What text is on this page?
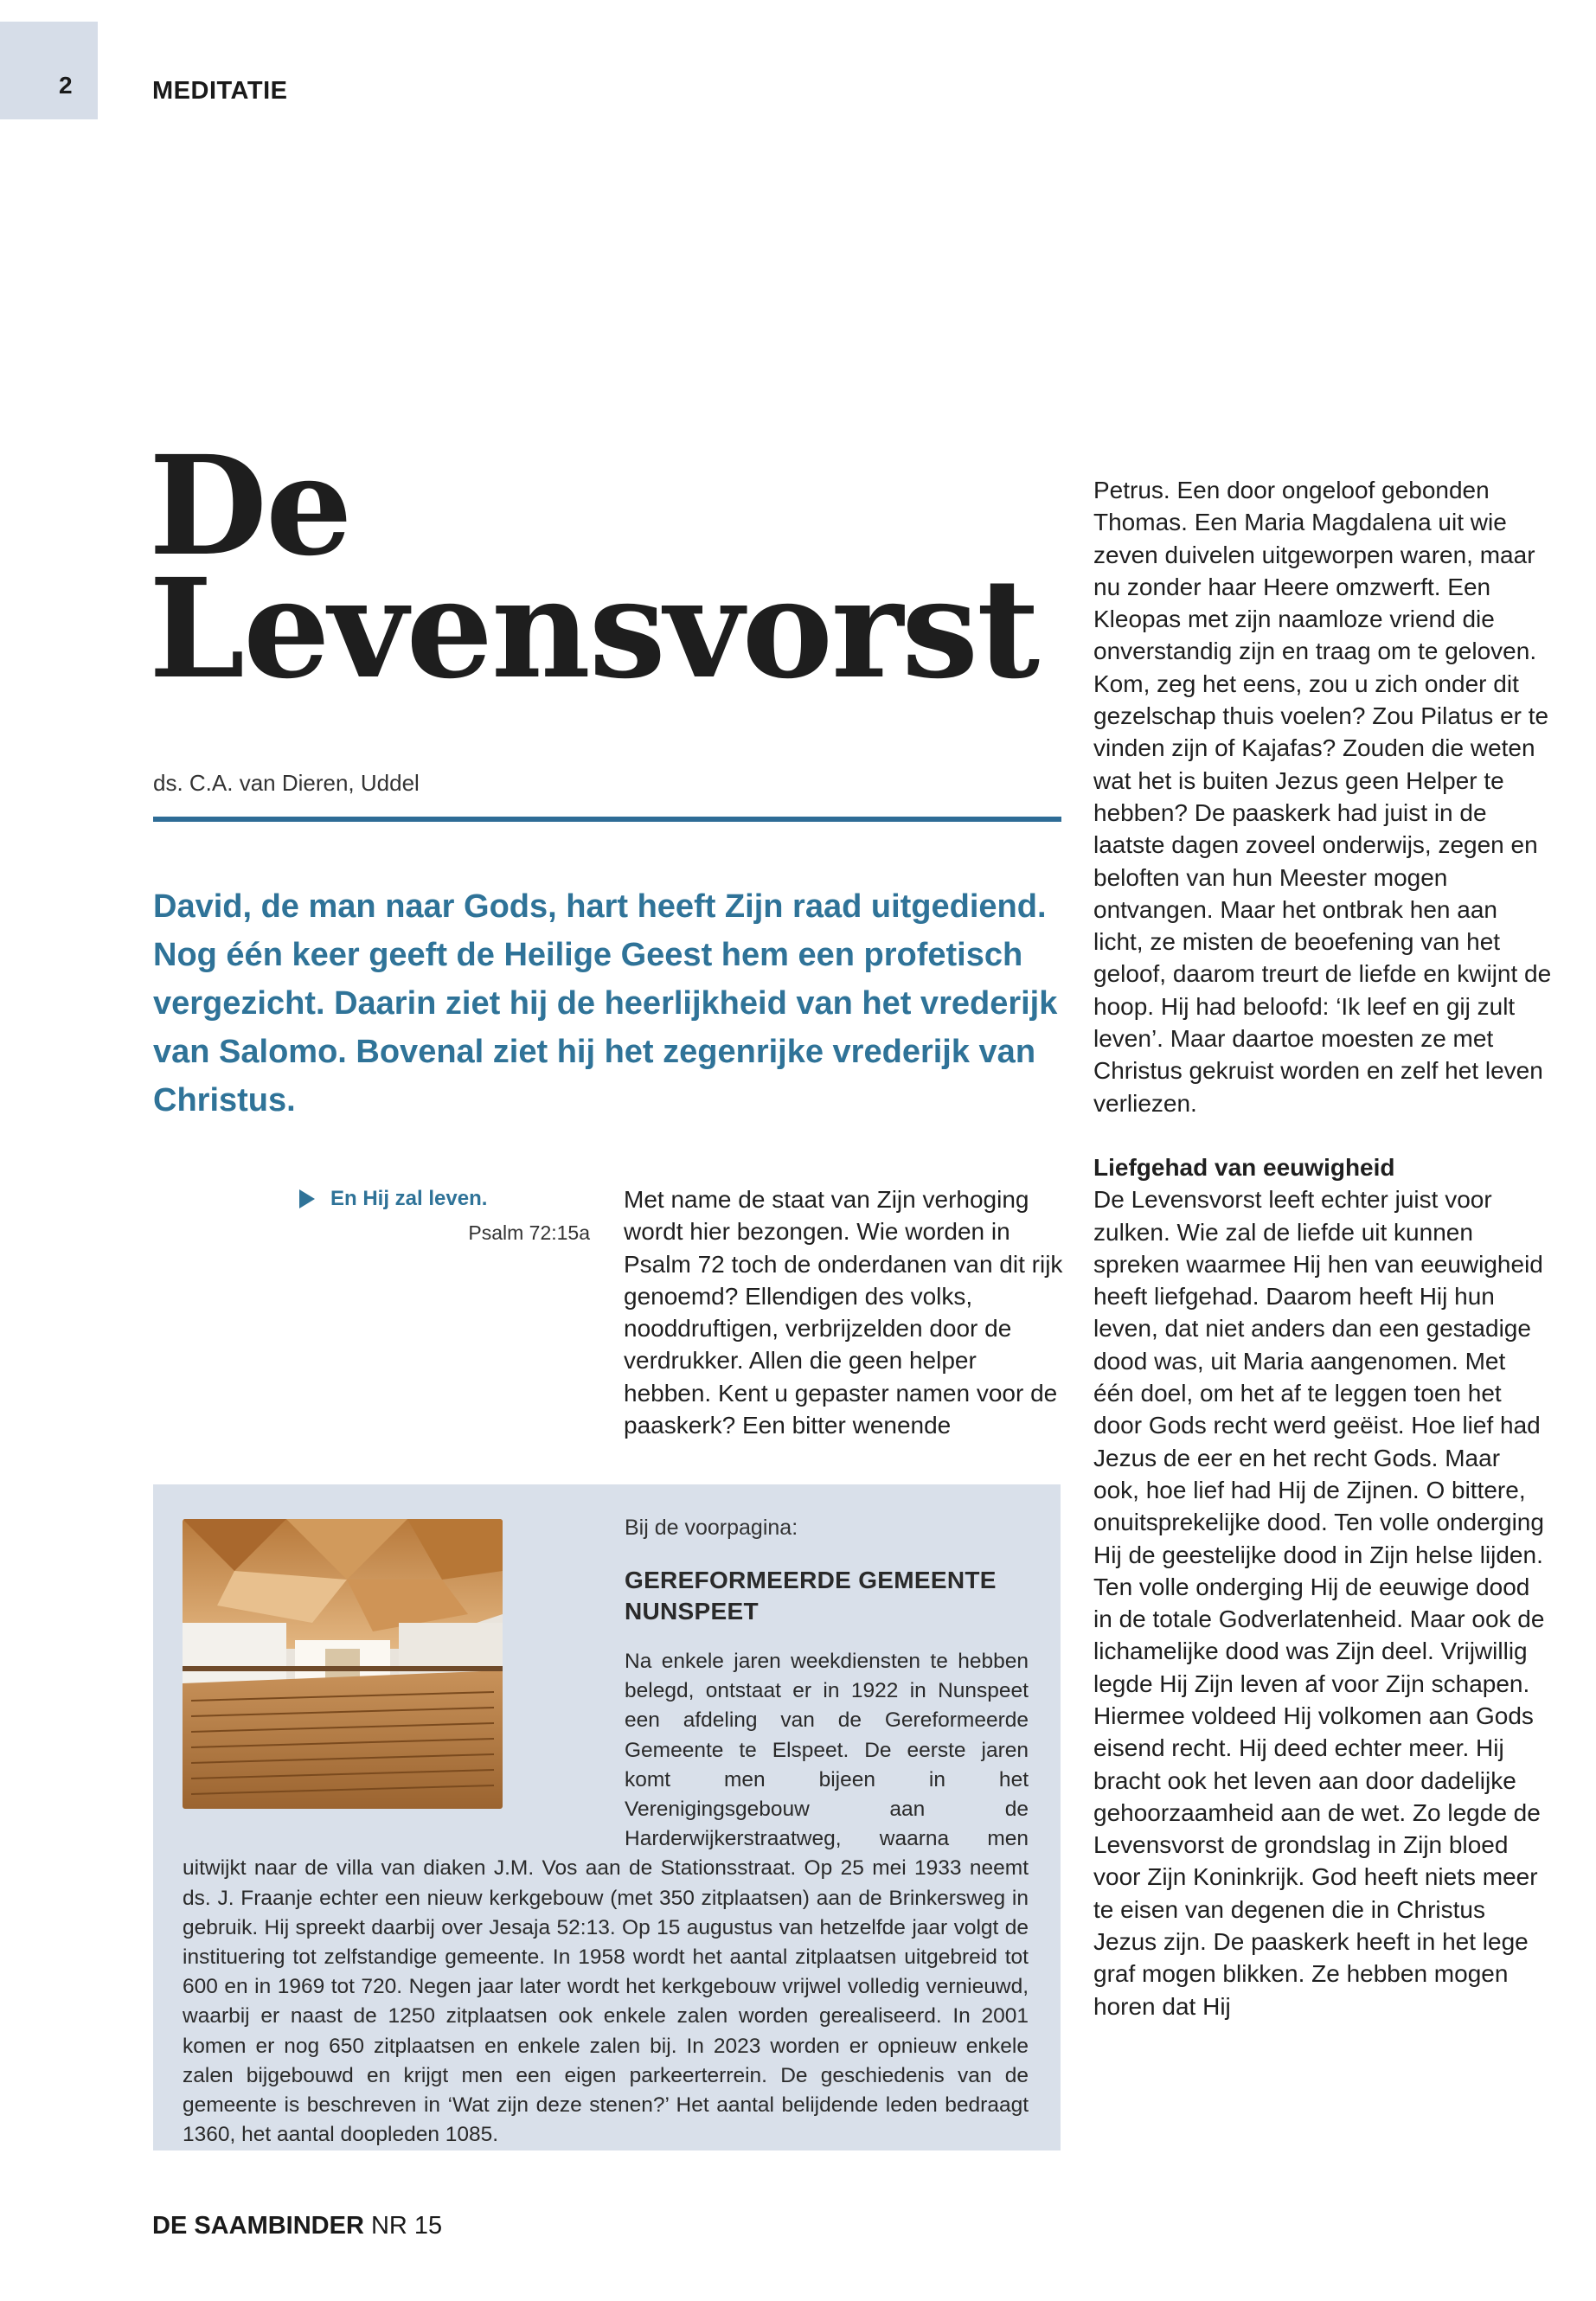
2	MEDITATIE
De
Levensvorst
ds. C.A. van Dieren, Uddel

David, de man naar Gods, hart heeft Zijn raad uitgediend. Nog één keer geeft de Heilige Geest hem een profetisch vergezicht. Daarin ziet hij de heerlijkheid van het vrederijk van Salomo. Bovenal ziet hij het zegenrijke vrederijk van Christus.

En Hij zal leven.
Psalm 72:15a

Met name de staat van Zijn verhoging wordt hier bezongen. Wie worden in Psalm 72 toch de onderdanen van dit rijk genoemd? Ellendigen des volks, nooddruftigen, verbrijzelden door de verdrukker. Allen die geen helper hebben. Kent u gepaster namen voor de paaskerk? Een bitter wenende

Petrus. Een door ongeloof gebonden Thomas. Een Maria Magdalena uit wie zeven duivelen uitgeworpen waren, maar nu zonder haar Heere omzwerft. Een Kleopas met zijn naamloze vriend die onverstandig zijn en traag om te geloven.

Kom, zeg het eens, zou u zich onder dit gezelschap thuis voelen? Zou Pilatus er te vinden zijn of Kajafas? Zouden die weten wat het is buiten Jezus geen Helper te hebben? De paaskerk had juist in de laatste dagen zoveel onderwijs, zegen en beloften van hun Meester mogen ontvangen. Maar het ontbrak hen aan licht, ze misten de beoefening van het geloof, daarom treurt de liefde en kwijnt de hoop. Hij had beloofd: ‘Ik leef en gij zult leven’. Maar daartoe moesten ze met Christus gekruist worden en zelf het leven verliezen.

Liefgehad van eeuwigheid

De Levensvorst leeft echter juist voor zulken. Wie zal de liefde uit kunnen spreken waarmee Hij hen van eeuwigheid heeft liefgehad. Daarom heeft Hij hun leven, dat niet anders dan een gestadige dood was, uit Maria aangenomen. Met één doel, om het af te leggen toen het door Gods recht werd geëist. Hoe lief had Jezus de eer en het recht Gods. Maar ook, hoe lief had Hij de Zijnen. O bittere, onuitsprekelijke dood. Ten volle onderging Hij de geestelijke dood in Zijn helse lijden. Ten volle onderging Hij de eeuwige dood in de totale Godverlatenheid. Maar ook de lichamelijke dood was Zijn deel. Vrijwillig legde Hij Zijn leven af voor Zijn schapen. Hiermee voldeed Hij volkomen aan Gods eisend recht. Hij deed echter meer. Hij bracht ook het leven aan door dadelijke gehoorzaamheid aan de wet. Zo legde de Levensvorst de grondslag in Zijn bloed voor Zijn Koninkrijk. God heeft niets meer te eisen van degenen die in Christus Jezus zijn. De paaskerk heeft in het lege graf mogen blikken. Ze hebben mogen horen dat Hij

Bij de voorpagina:
GEREFORMEERDE GEMEENTE NUNSPEET
Na enkele jaren weekdiensten te hebben belegd, ontstaat er in 1922 in Nunspeet een afdeling van de Gereformeerde Gemeente te Elspeet. De eerste jaren komt men bijeen in het Verenigingsgebouw aan de Harderwijkerstraatweg, waarna men uitwijkt naar de villa van diaken J.M. Vos aan de Stationsstraat. Op 25 mei 1933 neemt ds. J. Fraanje echter een nieuw kerkgebouw (met 350 zitplaatsen) aan de Brinkersweg in gebruik. Hij spreekt daarbij over Jesaja 52:13. Op 15 augustus van hetzelfde jaar volgt de instituering tot zelfstandige gemeente. In 1958 wordt het aantal zitplaatsen uitgebreid tot 600 en in 1969 tot 720. Negen jaar later wordt het kerkgebouw vrijwel volledig vernieuwd, waarbij er naast de 1250 zitplaatsen ook enkele zalen worden gerealiseerd. In 2001 komen er nog 650 zitplaatsen en enkele zalen bij. In 2023 worden er opnieuw enkele zalen bijgebouwd en krijgt men een eigen parkeerterrein. De geschiedenis van de gemeente is beschreven in ‘Wat zijn deze stenen?’ Het aantal belijdende leden bedraagt 1360, het aantal doopleden 1085.
DE SAAMBINDER NR 15
